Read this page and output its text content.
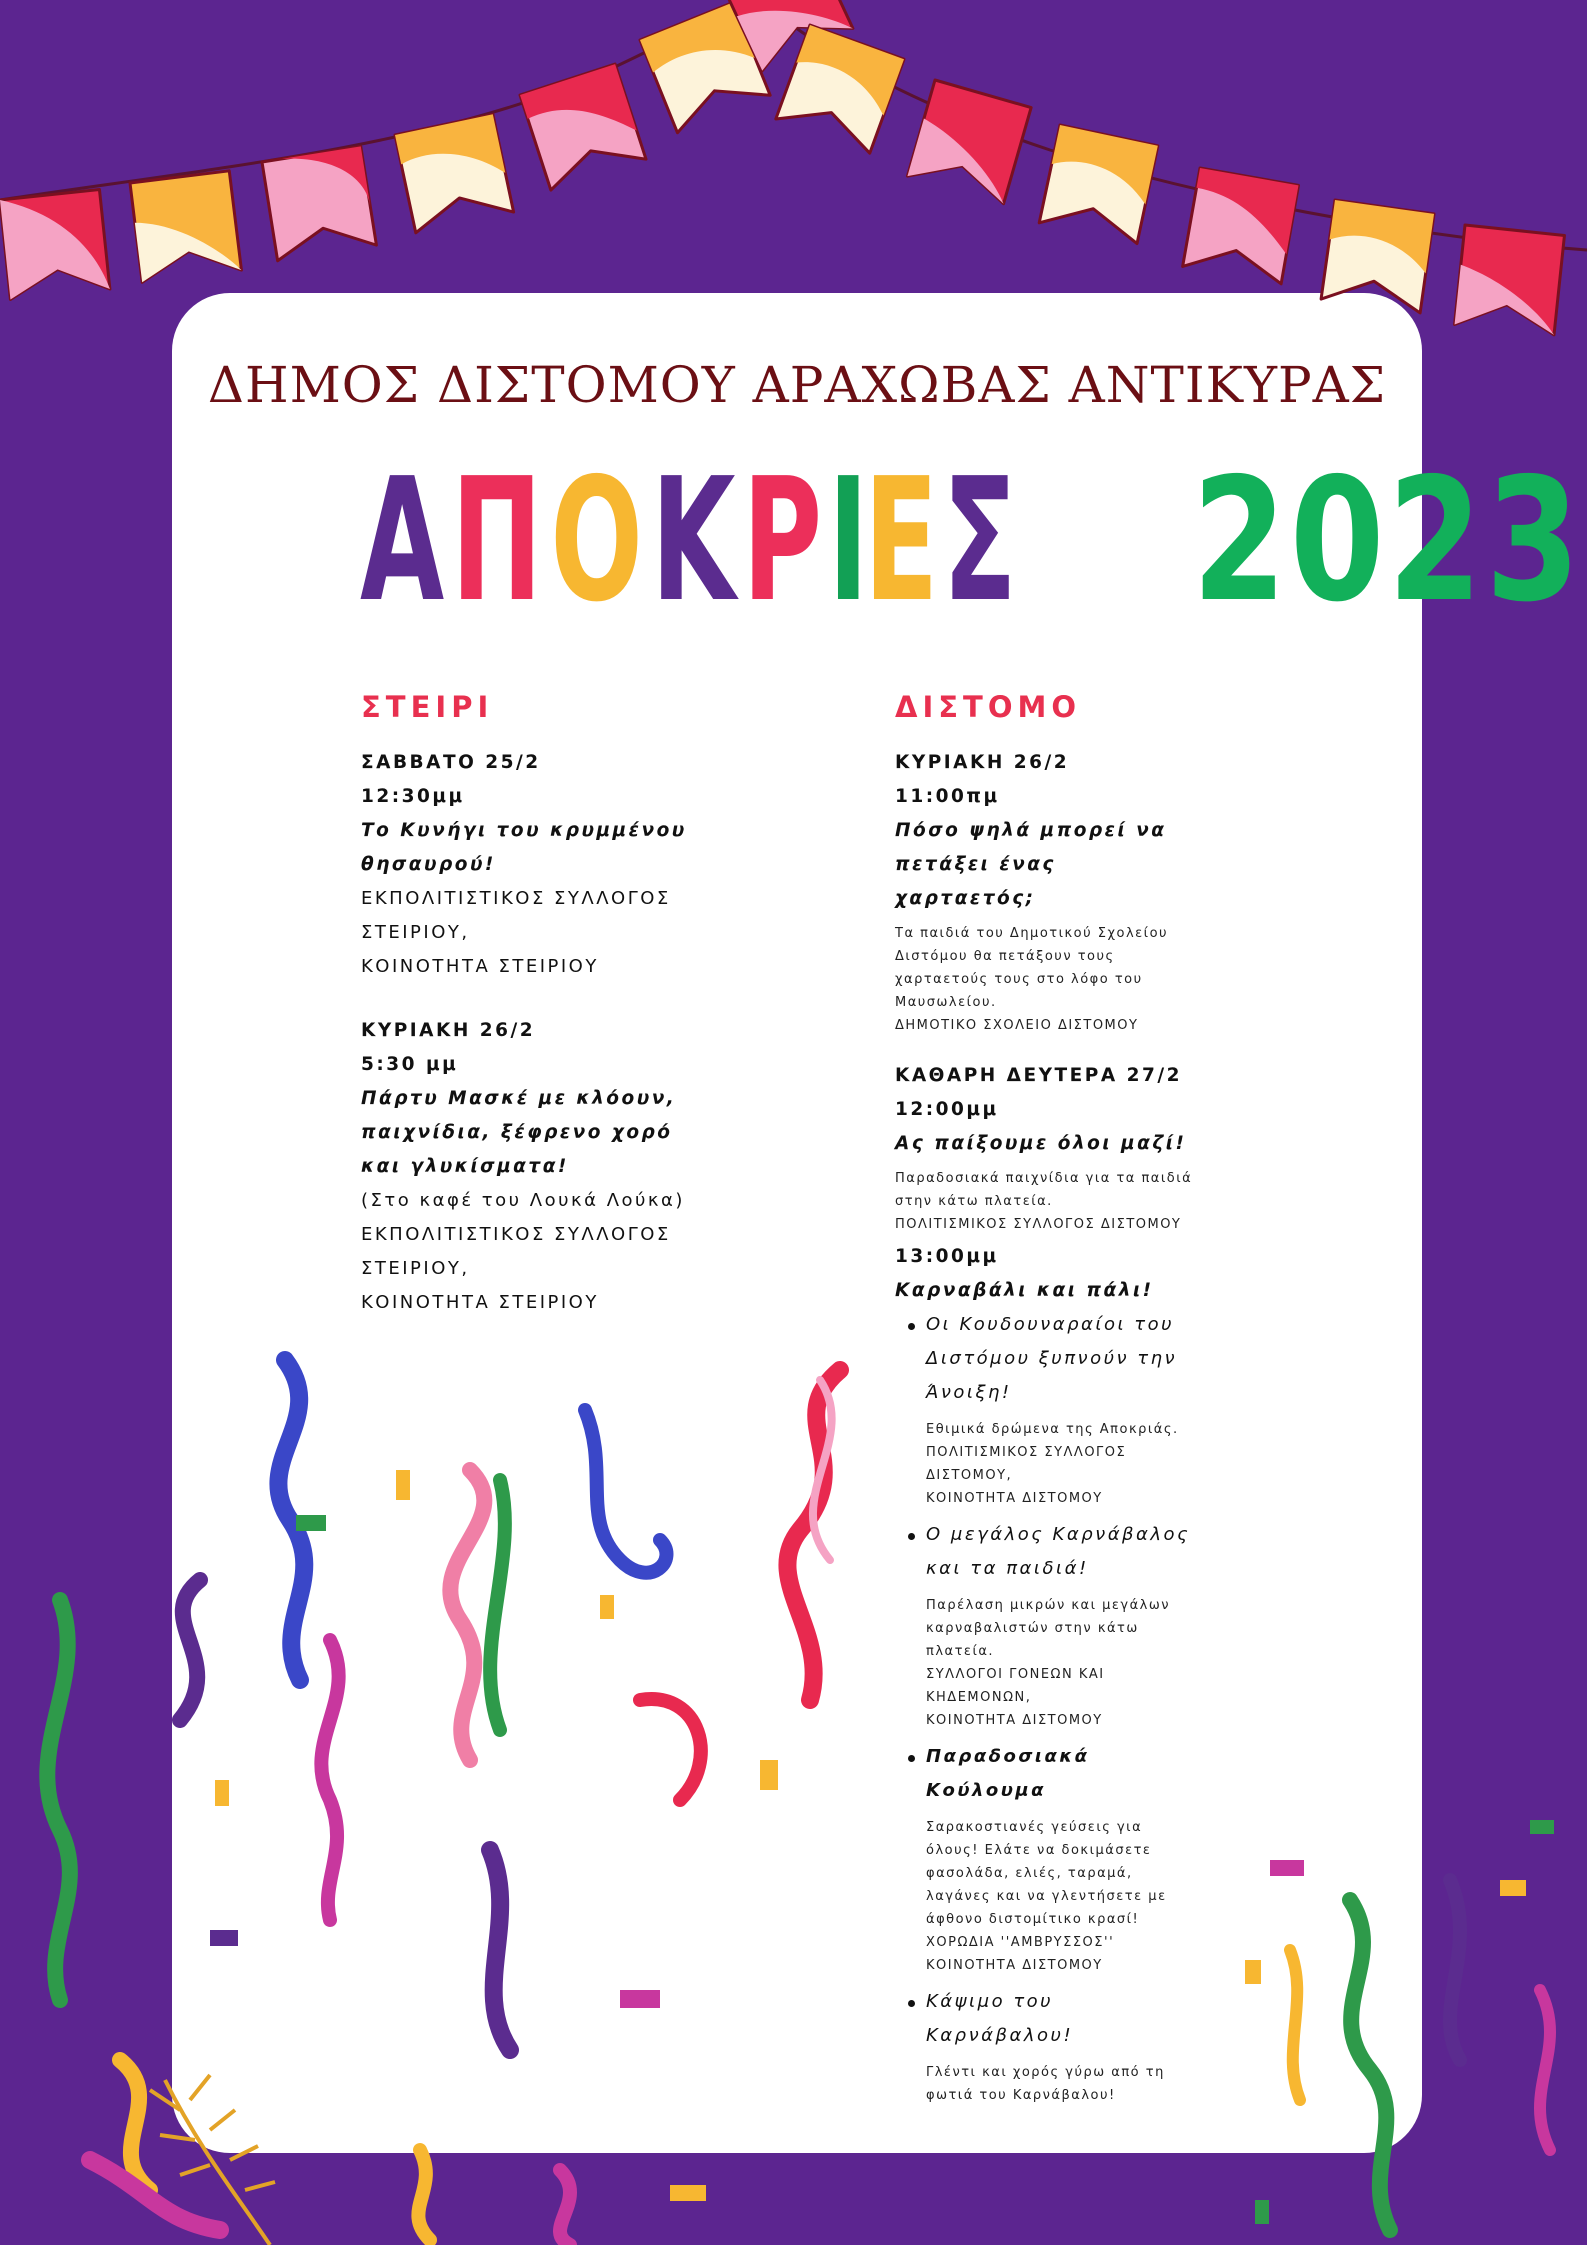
ΔΗΜΟΣ ΔΙΣΤΟΜΟΥ ΑΡΑΧΩΒΑΣ ΑΝΤΙΚΥΡΑΣ
ΑΠΟΚΡΙΕΣ 2023
ΣΤΕΙΡΙ
ΣΑΒΒΑΤΟ 25/2
12:30μμ
Το Κυνήγι του κρυμμένου θησαυρού!
ΕΚΠΟΛΙΤΙΣΤΙΚΟΣ ΣΥΛΛΟΓΟΣ ΣΤΕΙΡΙΟΥ,
ΚΟΙΝΟΤΗΤΑ ΣΤΕΙΡΙΟΥ
ΚΥΡΙΑΚΗ 26/2
5:30 μμ
Πάρτυ Μασκέ με κλόουν, παιχνίδια, ξέφρενο χορό και γλυκίσματα!
(Στο καφέ του Λουκά Λούκα)
ΕΚΠΟΛΙΤΙΣΤΙΚΟΣ ΣΥΛΛΟΓΟΣ ΣΤΕΙΡΙΟΥ,
ΚΟΙΝΟΤΗΤΑ ΣΤΕΙΡΙΟΥ
ΔΙΣΤΟΜΟ
ΚΥΡΙΑΚΗ 26/2
11:00πμ
Πόσο ψηλά μπορεί να πετάξει ένας χαρταετός;
Τα παιδιά του Δημοτικού Σχολείου Διστόμου θα πετάξουν τους χαρταετούς τους στο λόφο του Μαυσωλείου.
ΔΗΜΟΤΙΚΟ ΣΧΟΛΕΙΟ ΔΙΣΤΟΜΟΥ
ΚΑΘΑΡΗ ΔΕΥΤΕΡΑ 27/2
12:00μμ
Ας παίξουμε όλοι μαζί!
Παραδοσιακά παιχνίδια για τα παιδιά στην κάτω πλατεία.
ΠΟΛΙΤΙΣΜΙΚΟΣ ΣΥΛΛΟΓΟΣ ΔΙΣΤΟΜΟΥ
13:00μμ
Καρναβάλι και πάλι!
Οι Κουδουναραίοι του Διστόμου ξυπνούν την Άνοιξη!
Εθιμικά δρώμενα της Αποκριάς.
ΠΟΛΙΤΙΣΜΙΚΟΣ ΣΥΛΛΟΓΟΣ ΔΙΣΤΟΜΟΥ,
ΚΟΙΝΟΤΗΤΑ ΔΙΣΤΟΜΟΥ
Ο μεγάλος Καρνάβαλος και τα παιδιά!
Παρέλαση μικρών και μεγάλων καρναβαλιστών στην κάτω πλατεία.
ΣΥΛΛΟΓΟΙ ΓΟΝΕΩΝ ΚΑΙ ΚΗΔΕΜΟΝΩΝ,
ΚΟΙΝΟΤΗΤΑ ΔΙΣΤΟΜΟΥ
Παραδοσιακά Κούλουμα
Σαρακοστιανές γεύσεις για όλους! Ελάτε να δοκιμάσετε φασολάδα, ελιές, ταραμά, λαγάνες και να γλεντήσετε με άφθονο διστομίτικο κρασί!
ΧΟΡΩΔΙΑ ''ΑΜΒΡΥΣΣΟΣ''
ΚΟΙΝΟΤΗΤΑ ΔΙΣΤΟΜΟΥ
Κάψιμο του Καρνάβαλου!
Γλέντι και χορός γύρω από τη φωτιά του Καρνάβαλου!
